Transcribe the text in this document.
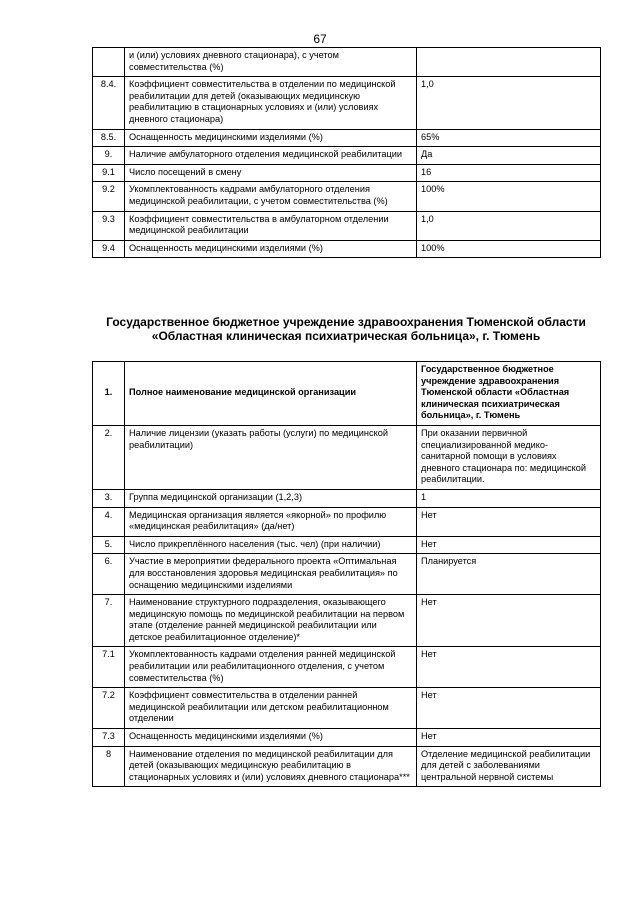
67
	и (или) условиях дневного стационара), с учетом совместительства (%)	
8.4.	Коэффициент совместительства в отделении по медицинской реабилитации для детей (оказывающих медицинскую реабилитацию в стационарных условиях и (или) условиях дневного стационара)	1,0
8.5.	Оснащенность медицинскими изделиями (%)	65%
9.	Наличие амбулаторного отделения медицинской реабилитации	Да
9.1	Число посещений в смену	16
9.2	Укомплектованность кадрами амбулаторного отделения медицинской реабилитации, с учетом совместительства (%)	100%
9.3	Коэффициент совместительства в амбулаторном отделении медицинской реабилитации	1,0
9.4	Оснащенность медицинскими изделиями (%)	100%
Государственное бюджетное учреждение здравоохранения Тюменской области «Областная клиническая психиатрическая больница», г. Тюмень
1.	Полное наименование медицинской организации	Государственное бюджетное учреждение здравоохранения Тюменской области «Областная клиническая психиатрическая больница», г. Тюмень
2.	Наличие лицензии (указать работы (услуги) по медицинской реабилитации)	При оказании первичной специализированной медико-санитарной помощи в условиях дневного стационара по: медицинской реабилитации.
3.	Группа медицинской организации (1,2,3)	1
4.	Медицинская организация является «якорной» по профилю «медицинская реабилитация» (да/нет)	Нет
5.	Число прикреплённого населения (тыс. чел) (при наличии)	Нет
6.	Участие в мероприятии федерального проекта «Оптимальная для восстановления здоровья медицинская реабилитация» по оснащению медицинскими изделиями	Планируется
7.	Наименование структурного подразделения, оказывающего медицинскую помощь по медицинской реабилитации на первом этапе (отделение ранней медицинской реабилитации или детское реабилитационное отделение)*	Нет
7.1	Укомплектованность кадрами отделения ранней медицинской реабилитации или реабилитационного отделения, с учетом совместительства (%)	Нет
7.2	Коэффициент совместительства в отделении ранней медицинской реабилитации или детском реабилитационном отделении	Нет
7.3	Оснащенность медицинскими изделиями (%)	Нет
8	Наименование отделения по медицинской реабилитации для детей (оказывающих медицинскую реабилитацию в стационарных условиях и (или) условиях дневного стационара***	Отделение медицинской реабилитации для детей с заболеваниями центральной нервной системы
